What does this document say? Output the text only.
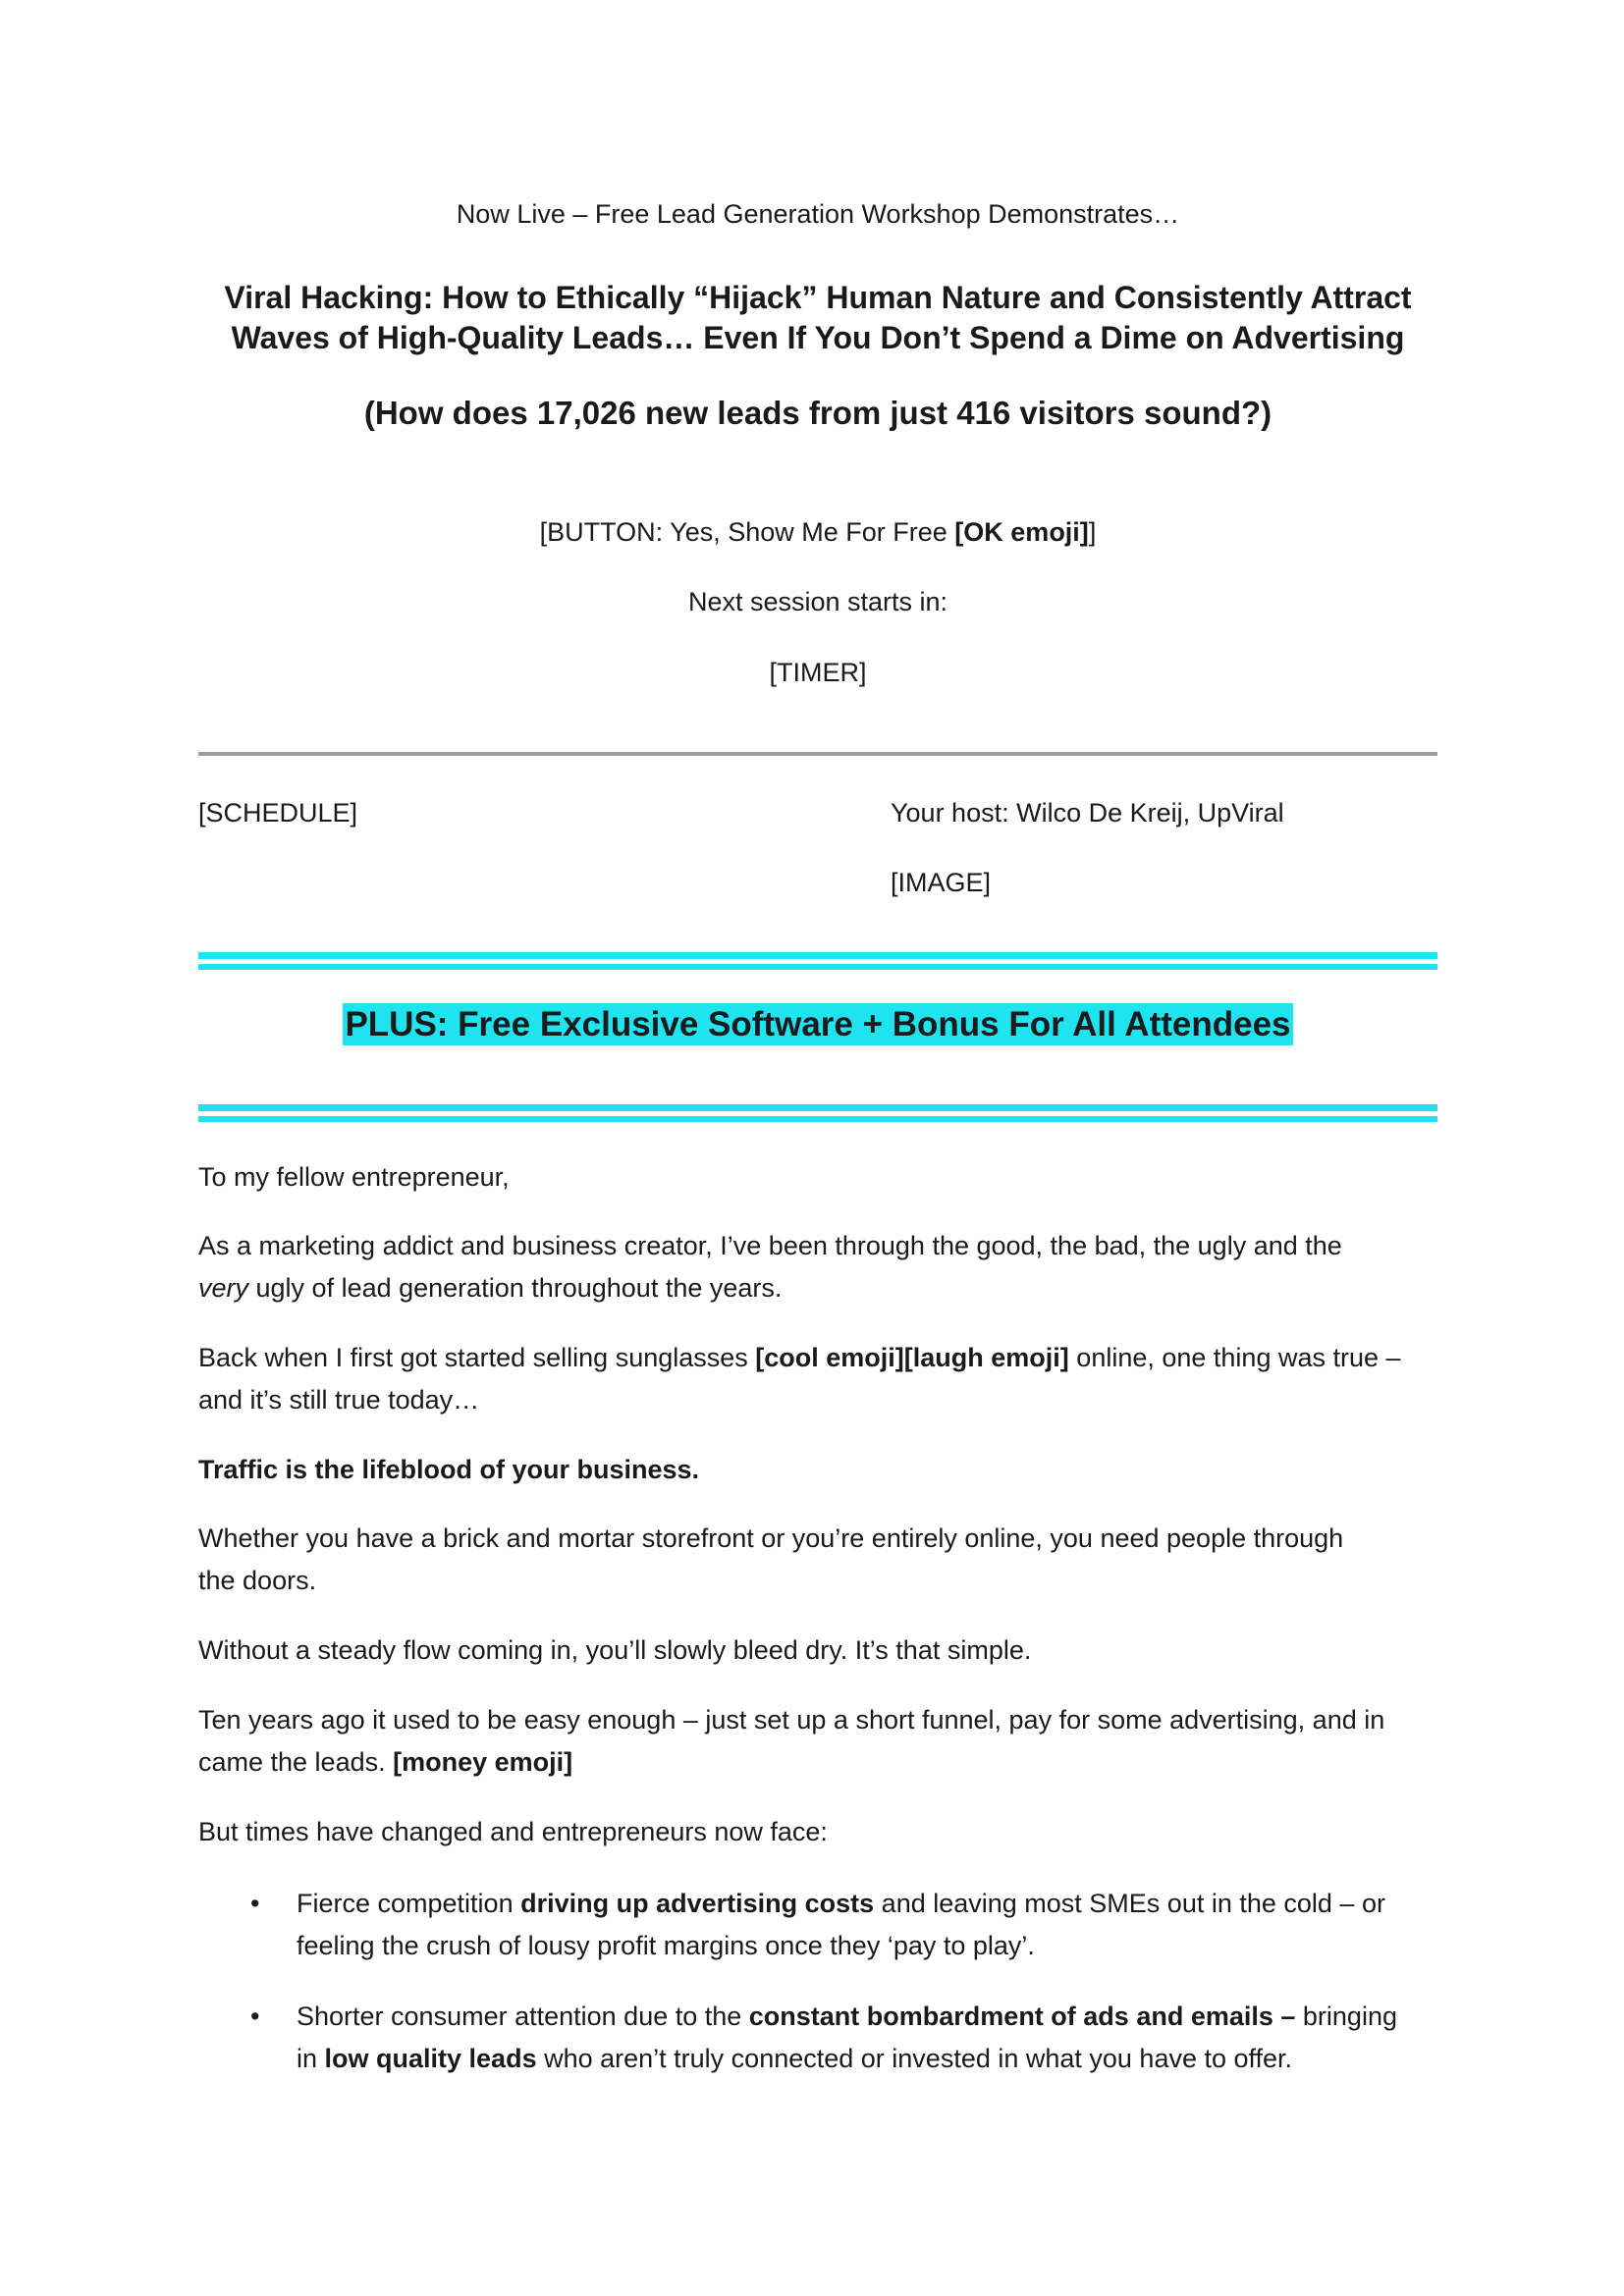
Now Live – Free Lead Generation Workshop Demonstrates…
Viral Hacking: How to Ethically “Hijack” Human Nature and Consistently Attract
Waves of High-Quality Leads… Even If You Don’t Spend a Dime on Advertising
(How does 17,026 new leads from just 416 visitors sound?)
[BUTTON: Yes, Show Me For Free [OK emoji]]
Next session starts in:
[TIMER]
[SCHEDULE]	Your host: Wilco De Kreij, UpViral
[IMAGE]
PLUS: Free Exclusive Software + Bonus For All Attendees
To my fellow entrepreneur,
As a marketing addict and business creator, I’ve been through the good, the bad, the ugly and the
very ugly of lead generation throughout the years.
Back when I first got started selling sunglasses [cool emoji][laugh emoji] online, one thing was true –
and it’s still true today…
Traffic is the lifeblood of your business.
Whether you have a brick and mortar storefront or you’re entirely online, you need people through
the doors.
Without a steady flow coming in, you’ll slowly bleed dry. It’s that simple.
Ten years ago it used to be easy enough – just set up a short funnel, pay for some advertising, and in
came the leads. [money emoji]
But times have changed and entrepreneurs now face:
• Fierce competition driving up advertising costs and leaving most SMEs out in the cold – or
feeling the crush of lousy profit margins once they ‘pay to play’.
• Shorter consumer attention due to the constant bombardment of ads and emails – bringing
in low quality leads who aren’t truly connected or invested in what you have to offer.
